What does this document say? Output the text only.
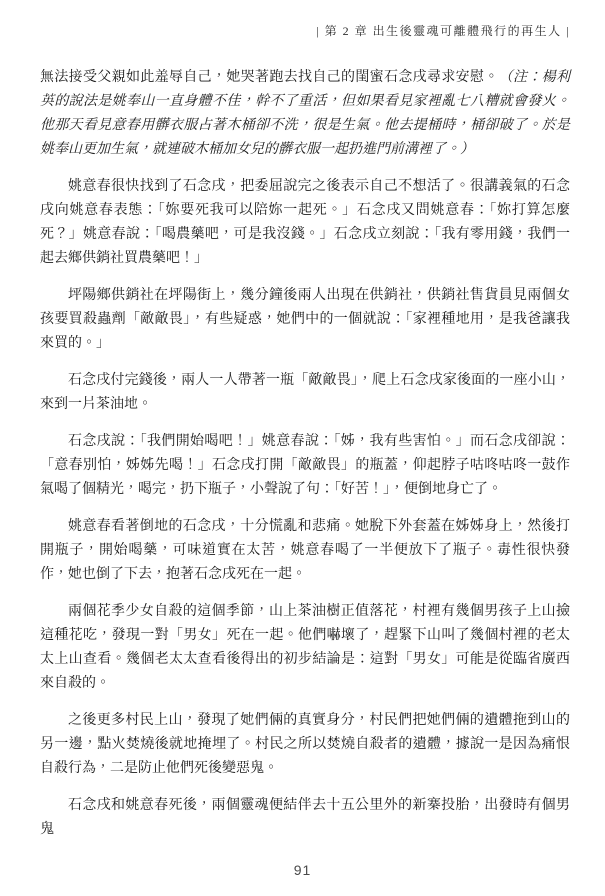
| 第 2 章 出生後靈魂可離體飛行的再生人 |

無法接受父親如此羞辱自己，她哭著跑去找自己的閨蜜石念戌尋求安慰。（注：楊利英的說法是姚奉山一直身體不佳，幹不了重活，但如果看見家裡亂七八糟就會發火。他那天看見意春用髒衣服占著木桶卻不洗，很是生氣。他去提桶時，桶卻破了。於是姚奉山更加生氣，就連破木桶加女兒的髒衣服一起扔進門前溝裡了。）

姚意春很快找到了石念戌，把委屈說完之後表示自己不想活了。很講義氣的石念戌向姚意春表態：「妳要死我可以陪妳一起死。」石念戌又問姚意春：「妳打算怎麼死？」姚意春說：「喝農藥吧，可是我沒錢。」石念戌立刻說：「我有零用錢，我們一起去鄉供銷社買農藥吧！」

坪陽鄉供銷社在坪陽街上，幾分鐘後兩人出現在供銷社，供銷社售貨員見兩個女孩要買殺蟲劑「敵敵畏」，有些疑惑，她們中的一個就說：「家裡種地用，是我爸讓我來買的。」

石念戌付完錢後，兩人一人帶著一瓶「敵敵畏」，爬上石念戌家後面的一座小山，來到一片茶油地。

石念戌說：「我們開始喝吧！」姚意春說：「姊，我有些害怕。」而石念戌卻說：「意春別怕，姊姊先喝！」石念戌打開「敵敵畏」的瓶蓋，仰起脖子咕咚咕咚一鼓作氣喝了個精光，喝完，扔下瓶子，小聲說了句：「好苦！」，便倒地身亡了。

姚意春看著倒地的石念戌，十分慌亂和悲痛。她脫下外套蓋在姊姊身上，然後打開瓶子，開始喝藥，可味道實在太苦，姚意春喝了一半便放下了瓶子。毒性很快發作，她也倒了下去，抱著石念戌死在一起。

兩個花季少女自殺的這個季節，山上茶油樹正值落花，村裡有幾個男孩子上山撿這種花吃，發現一對「男女」死在一起。他們嚇壞了，趕緊下山叫了幾個村裡的老太太上山查看。幾個老太太查看後得出的初步結論是：這對「男女」可能是從臨省廣西來自殺的。

之後更多村民上山，發現了她們倆的真實身分，村民們把她們倆的遺體拖到山的另一邊，點火焚燒後就地掩埋了。村民之所以焚燒自殺者的遺體，據說一是因為痛恨自殺行為，二是防止他們死後變惡鬼。

石念戌和姚意春死後，兩個靈魂便結伴去十五公里外的新寨投胎，出發時有個男鬼

91
